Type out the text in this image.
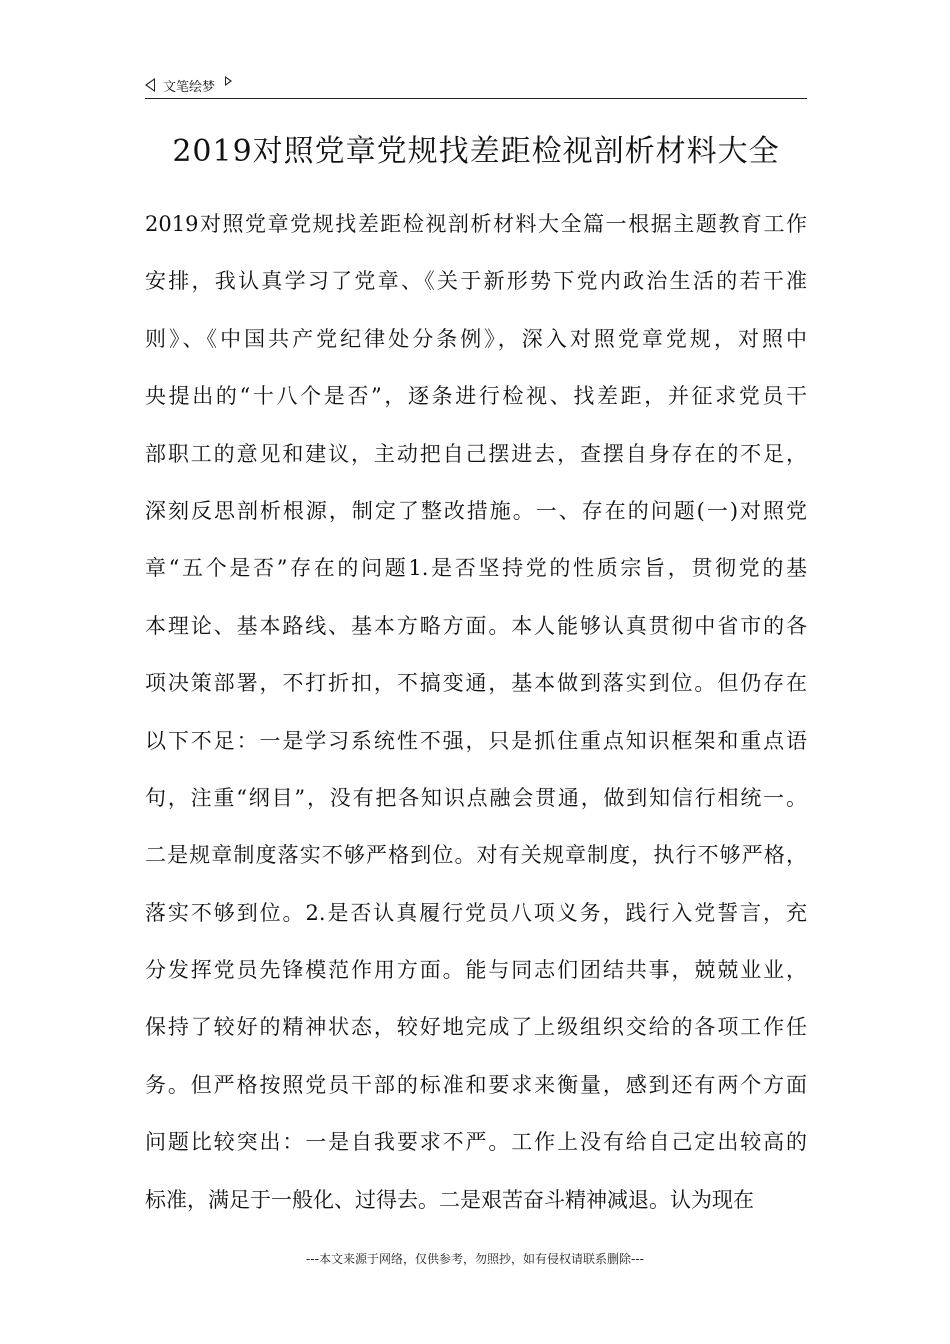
文笔绘梦
2019对照党章党规找差距检视剖析材料大全
2019对照党章党规找差距检视剖析材料大全篇一根据主题教育工作
安排，我认真学习了党章、《关于新形势下党内政治生活的若干准
则》、《中国共产党纪律处分条例》，深入对照党章党规，对照中
央提出的“十八个是否”，逐条进行检视、找差距，并征求党员干
部职工的意见和建议，主动把自己摆进去，查摆自身存在的不足，
深刻反思剖析根源，制定了整改措施。一、存在的问题(一)对照党
章“五个是否”存在的问题1.是否坚持党的性质宗旨，贯彻党的基
本理论、基本路线、基本方略方面。本人能够认真贯彻中省市的各
项决策部署，不打折扣，不搞变通，基本做到落实到位。但仍存在
以下不足：一是学习系统性不强，只是抓住重点知识框架和重点语
句，注重“纲目”，没有把各知识点融会贯通，做到知信行相统一。
二是规章制度落实不够严格到位。对有关规章制度，执行不够严格，
落实不够到位。2.是否认真履行党员八项义务，践行入党誓言，充
分发挥党员先锋模范作用方面。能与同志们团结共事，兢兢业业，
保持了较好的精神状态，较好地完成了上级组织交给的各项工作任
务。但严格按照党员干部的标准和要求来衡量，感到还有两个方面
问题比较突出：一是自我要求不严。工作上没有给自己定出较高的
标准，满足于一般化、过得去。二是艰苦奋斗精神减退。认为现在
---本文来源于网络，仅供参考，勿照抄，如有侵权请联系删除---
